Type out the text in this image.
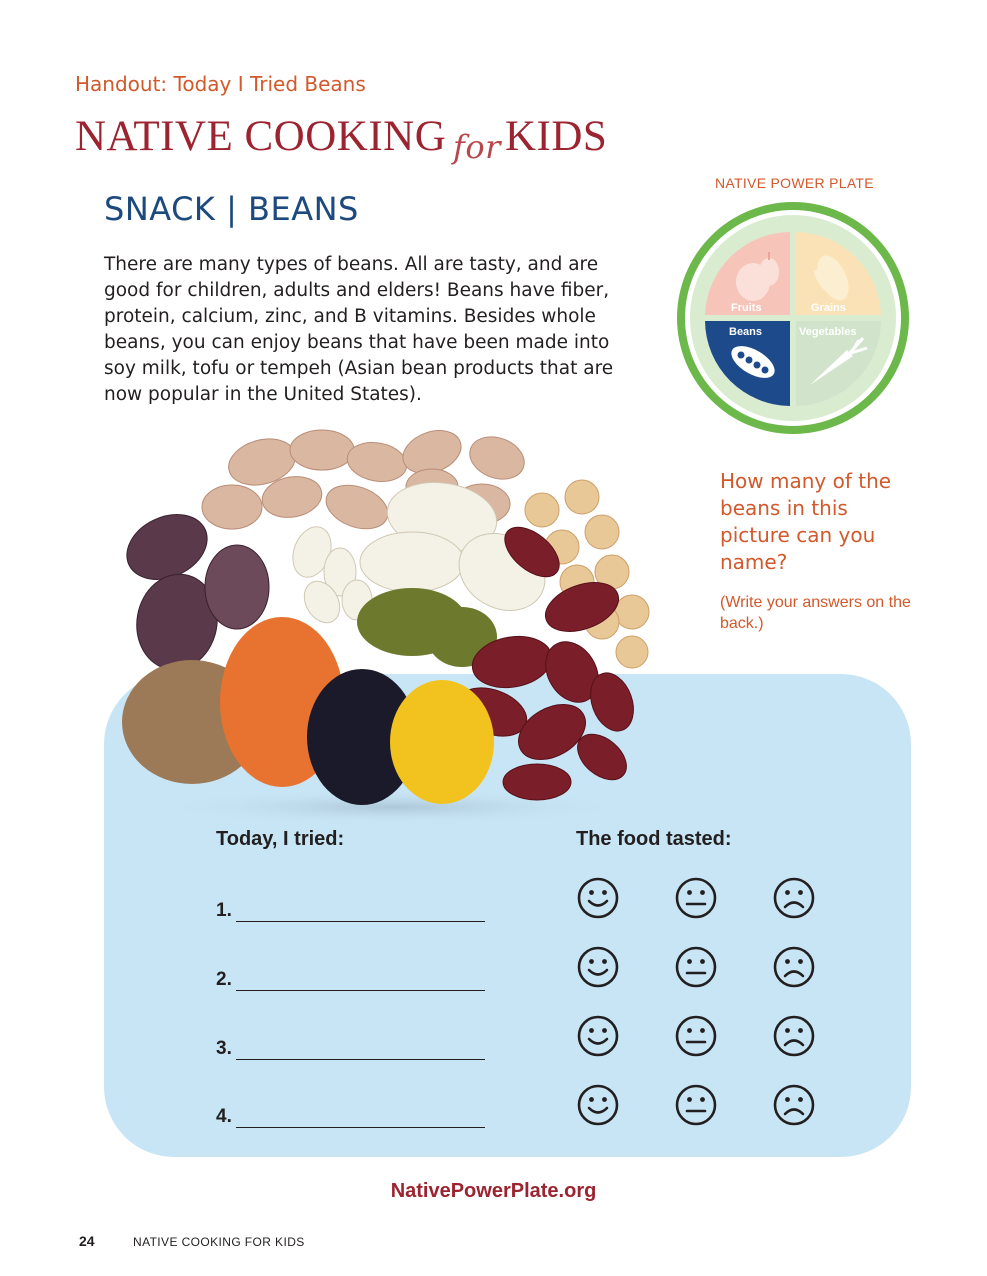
Handout: Today I Tried Beans
NATIVE COOKING for KIDS
SNACK | BEANS
There are many types of beans. All are tasty, and are good for children, adults and elders! Beans have fiber, protein, calcium, zinc, and B vitamins. Besides whole beans, you can enjoy beans that have been made into soy milk, tofu or tempeh (Asian bean products that are now popular in the United States).
NATIVE POWER PLATE
Fruits	Grains
Beans	Vegetables
How many of the beans in this picture can you name?
(Write your answers on the back.)
Today, I tried:	The food tasted:
1.
2.
3.
4.
NativePowerPlate.org
24	NATIVE COOKING FOR KIDS
